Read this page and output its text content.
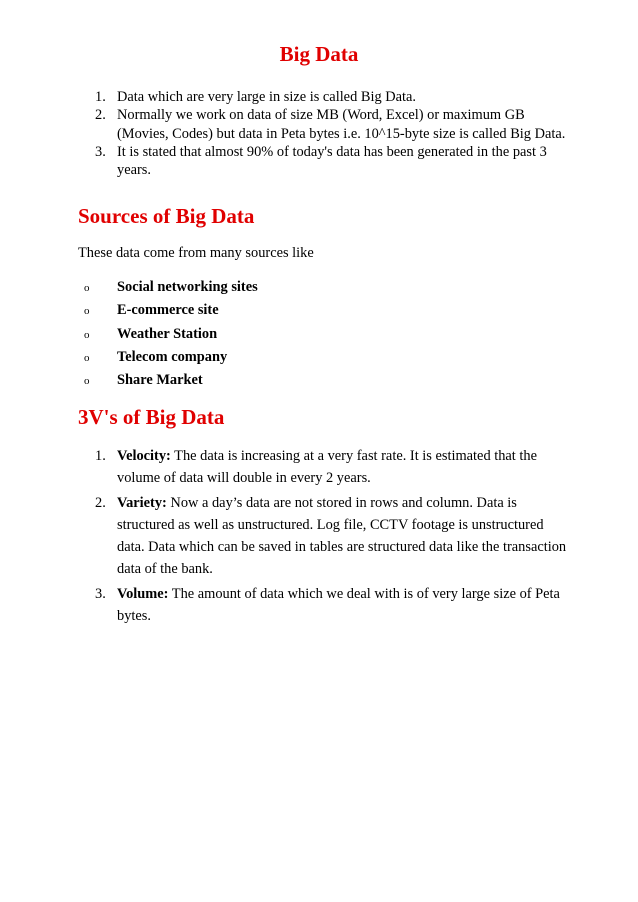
Big Data
1. Data which are very large in size is called Big Data.
2. Normally we work on data of size MB (Word, Excel) or maximum GB (Movies, Codes) but data in Peta bytes i.e. 10^15-byte size is called Big Data.
3. It is stated that almost 90% of today's data has been generated in the past 3 years.
Sources of Big Data

These data come from many sources like

o Social networking sites
o E-commerce site
o Weather Station
o Telecom company
o Share Market
3V's of Big Data
1. Velocity: The data is increasing at a very fast rate. It is estimated that the volume of data will double in every 2 years.
2. Variety: Now a day’s data are not stored in rows and column. Data is structured as well as unstructured. Log file, CCTV footage is unstructured data. Data which can be saved in tables are structured data like the transaction data of the bank.
3. Volume: The amount of data which we deal with is of very large size of Peta bytes.
